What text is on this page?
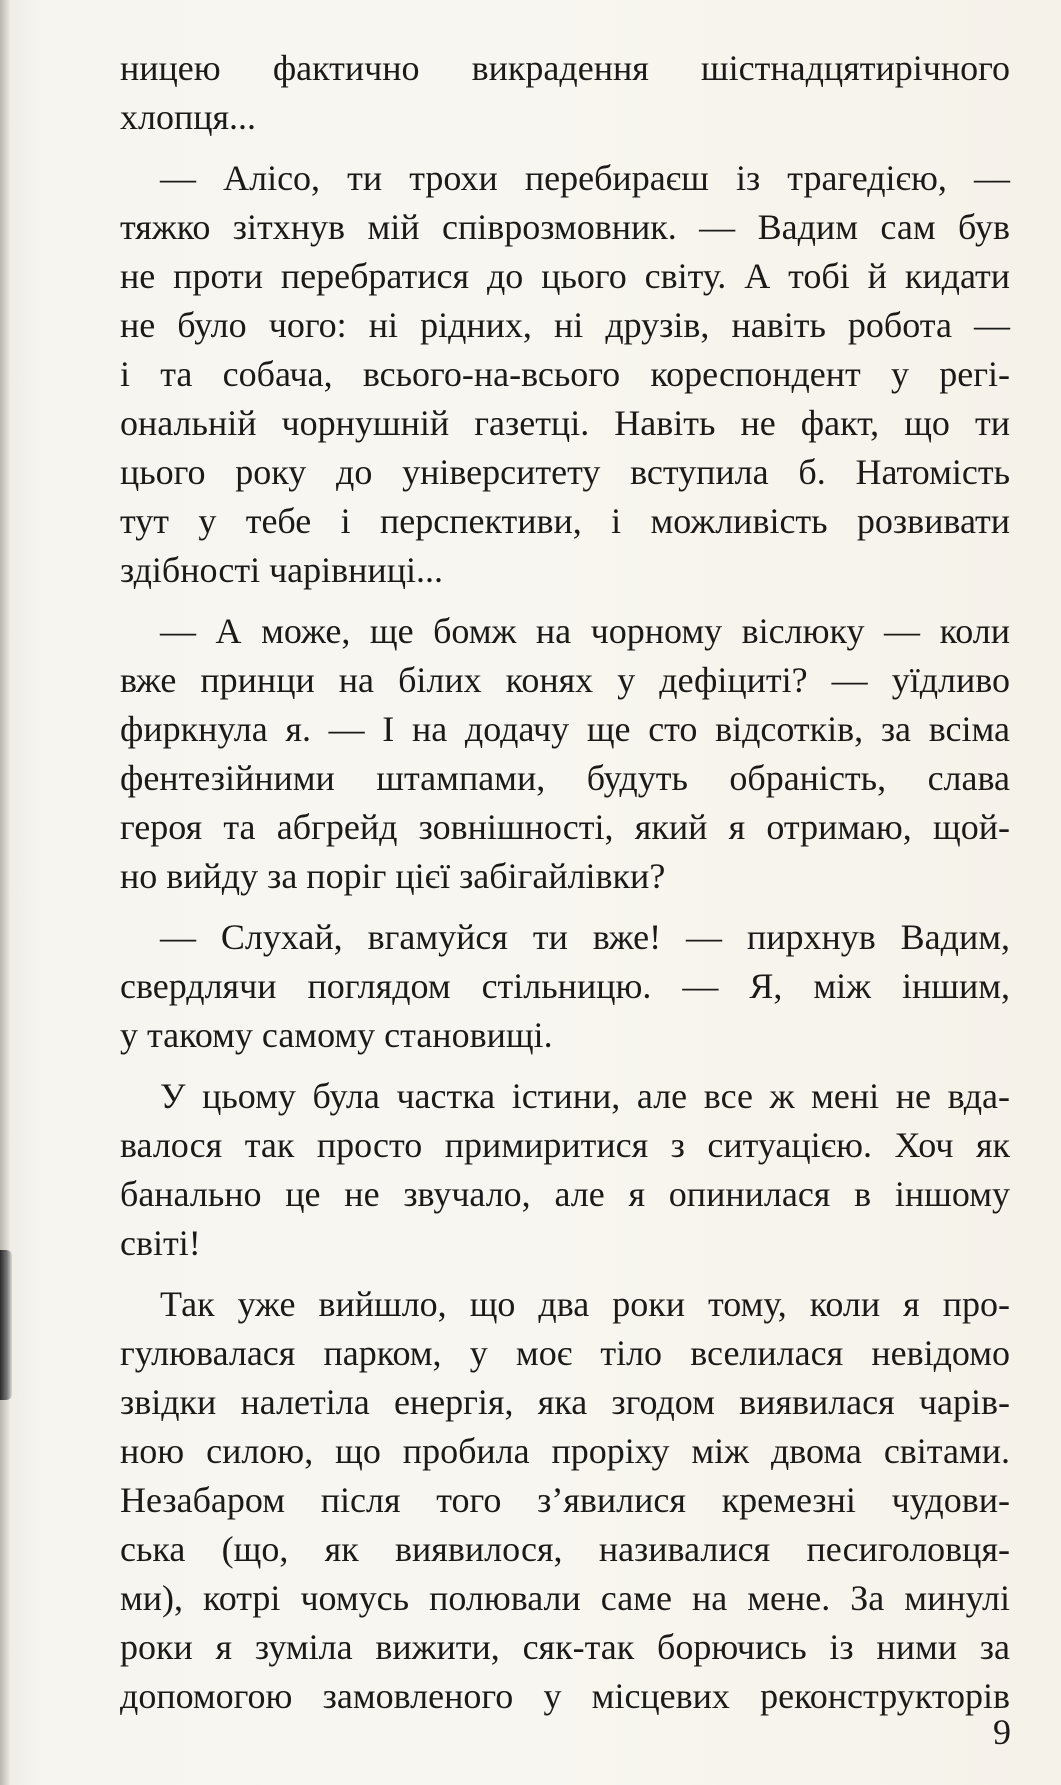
ницею фактично викрадення шістнадцятирічного
хлопця...
— Алісо, ти трохи перебираєш із трагедією, —
тяжко зітхнув мій співрозмовник. — Вадим сам був
не проти перебратися до цього світу. А тобі й кидати
не було чого: ні рідних, ні друзів, навіть робота —
і та собача, всього-на-всього кореспондент у регі-
ональній чорнушній газетці. Навіть не факт, що ти
цього року до університету вступила б. Натомість
тут у тебе і перспективи, і можливість розвивати
здібності чарівниці...
— А може, ще бомж на чорному віслюку — коли
вже принци на білих конях у дефіциті? — уїдливо
фиркнула я. — І на додачу ще сто відсотків, за всіма
фентезійними штампами, будуть обраність, слава
героя та абгрейд зовнішності, який я отримаю, щой-
но вийду за поріг цієї забігайлівки?
— Слухай, вгамуйся ти вже! — пирхнув Вадим,
свердлячи поглядом стільницю. — Я, між іншим,
у такому самому становищі.
У цьому була частка істини, але все ж мені не вда-
валося так просто примиритися з ситуацією. Хоч як
банально це не звучало, але я опинилася в іншому
світі!
Так уже вийшло, що два роки тому, коли я про-
гулювалася парком, у моє тіло вселилася невідомо
звідки налетіла енергія, яка згодом виявилася чарів-
ною силою, що пробила проріху між двома світами.
Незабаром після того з’явилися кремезні чудови-
ська (що, як виявилося, називалися песиголовця-
ми), котрі чомусь полювали саме на мене. За минулі
роки я зуміла вижити, сяк-так борючись із ними за
допомогою замовленого у місцевих реконструкторів
9
